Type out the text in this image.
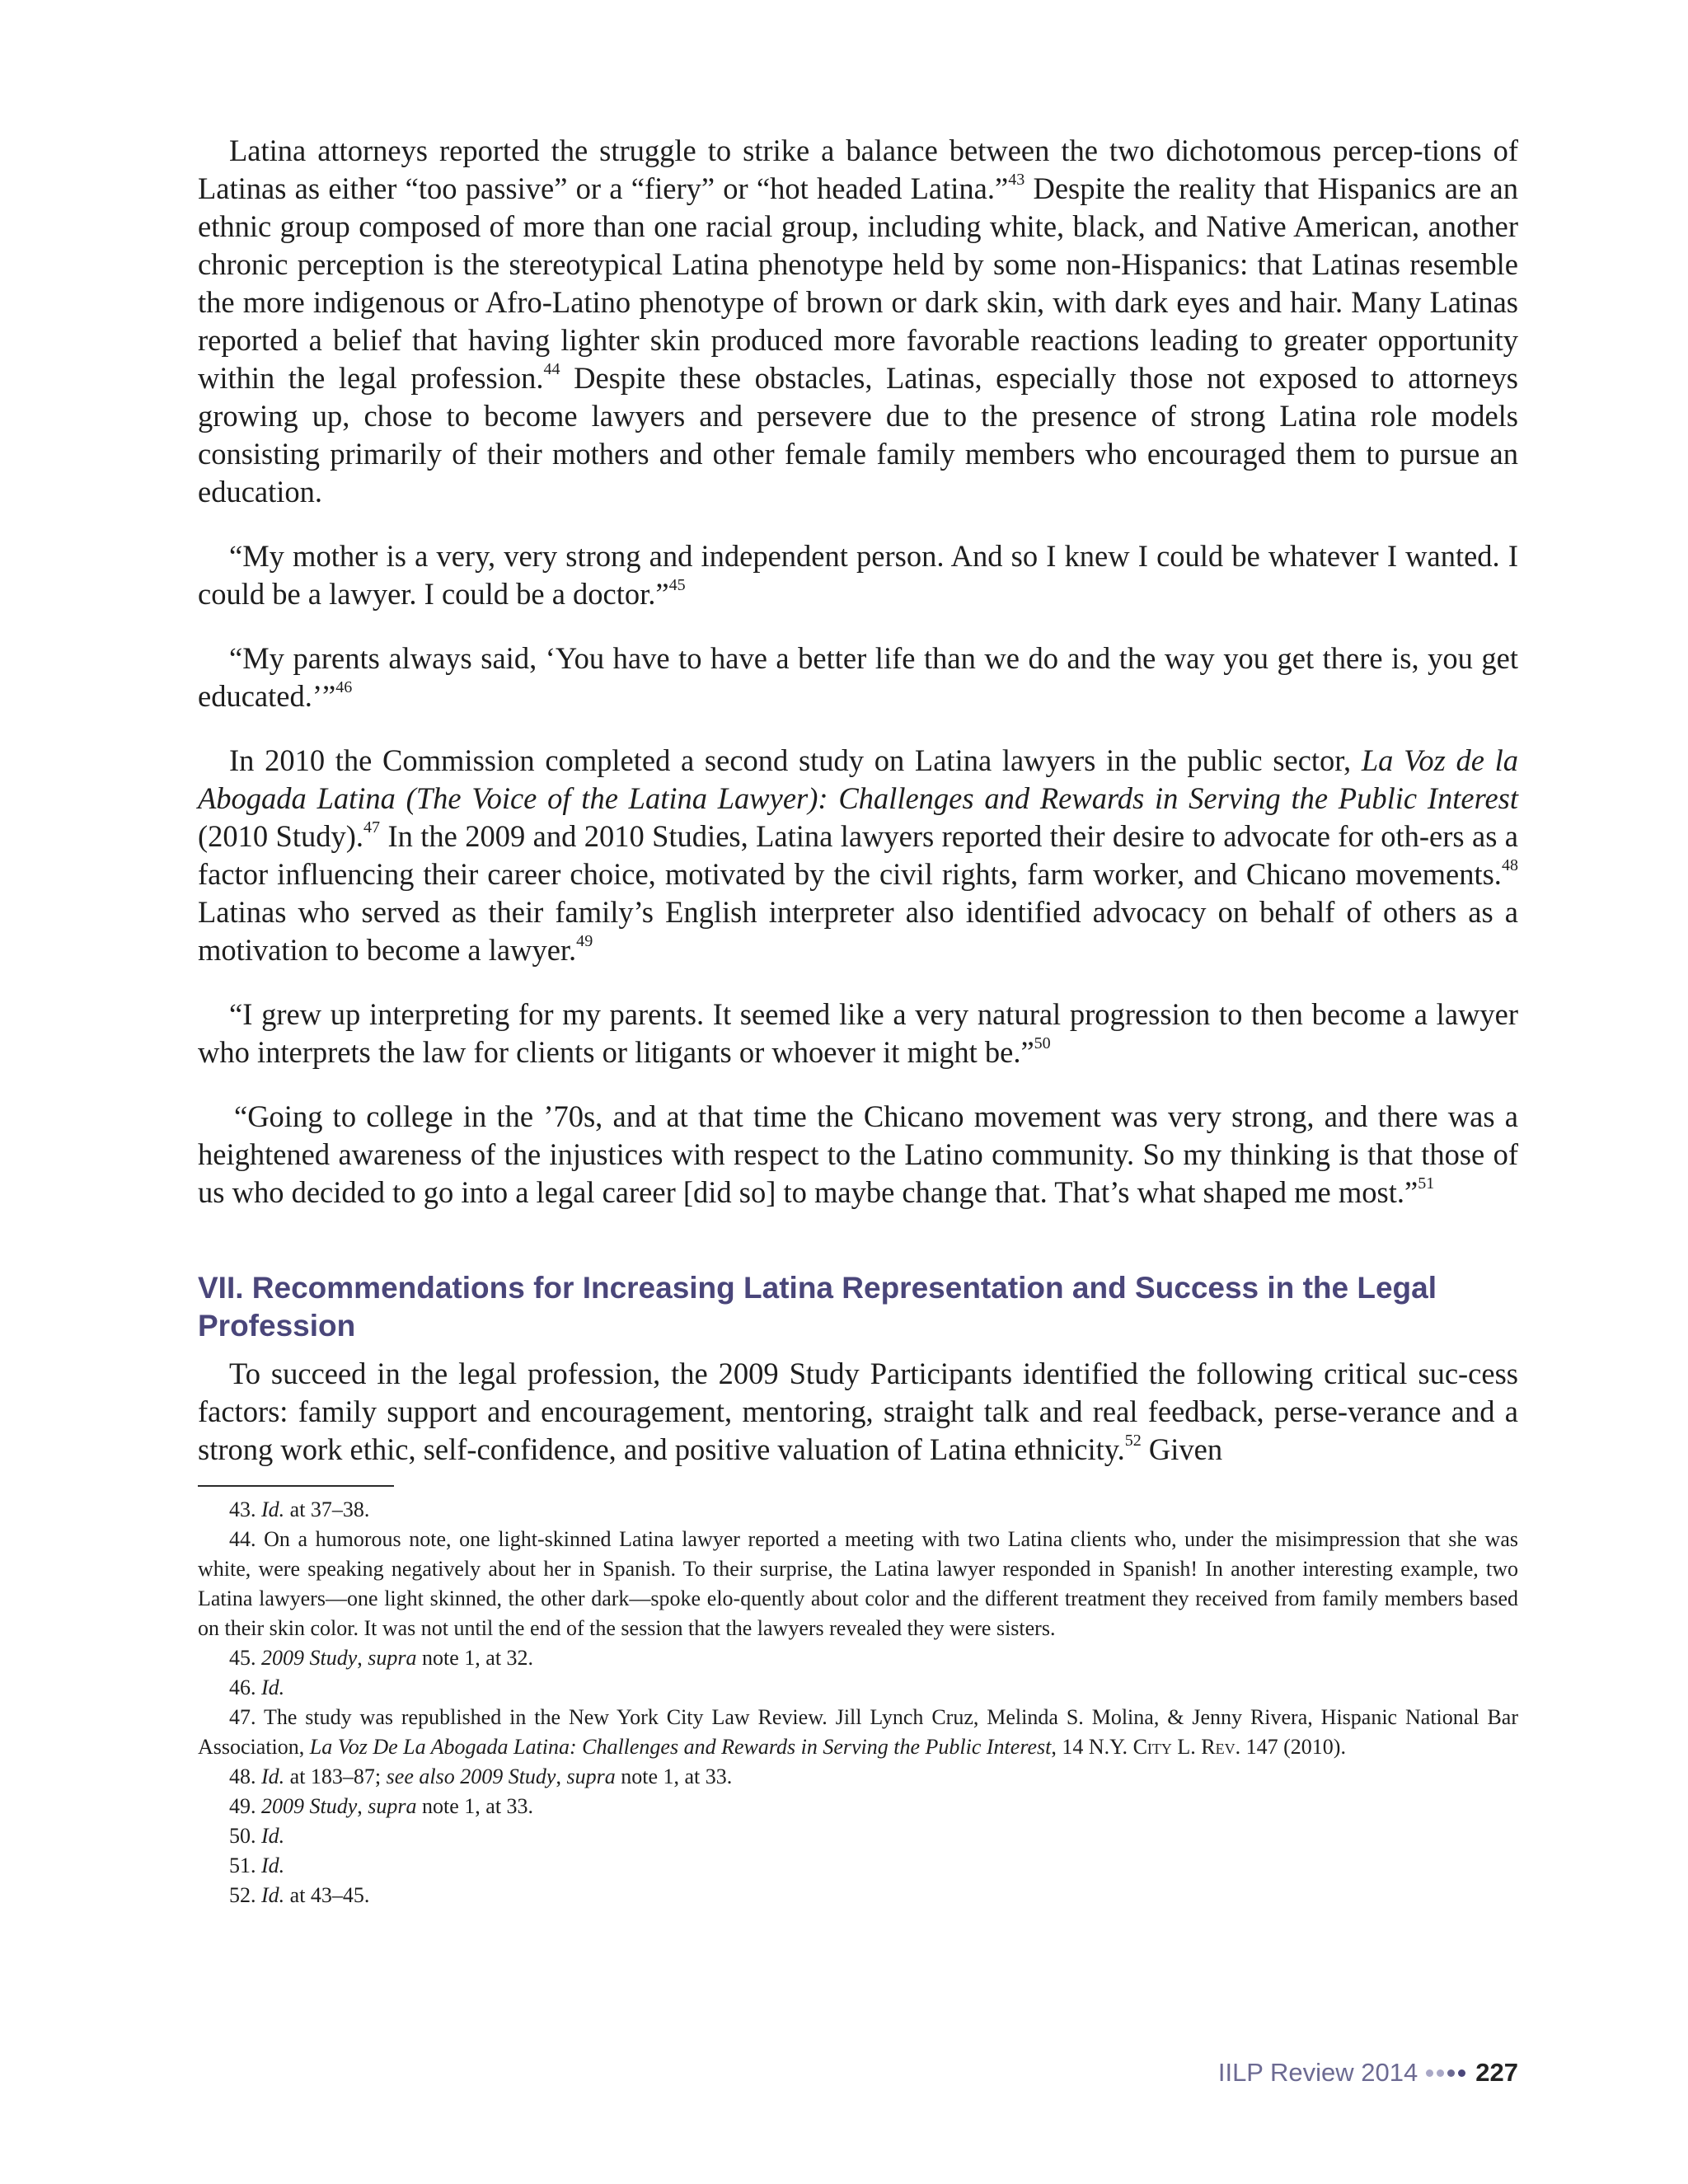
Latina attorneys reported the struggle to strike a balance between the two dichotomous percep-tions of Latinas as either “too passive” or a “fiery” or “hot headed Latina.”$^{43}$ Despite the reality that Hispanics are an ethnic group composed of more than one racial group, including white, black, and Native American, another chronic perception is the stereotypical Latina phenotype held by some non-Hispanics: that Latinas resemble the more indigenous or Afro-Latino phenotype of brown or dark skin, with dark eyes and hair. Many Latinas reported a belief that having lighter skin produced more favorable reactions leading to greater opportunity within the legal profession.$^{44}$ Despite these obstacles, Latinas, especially those not exposed to attorneys growing up, chose to become lawyers and persevere due to the presence of strong Latina role models consisting primarily of their mothers and other female family members who encouraged them to pursue an education.

“My mother is a very, very strong and independent person. And so I knew I could be whatever I wanted. I could be a lawyer. I could be a doctor.”$^{45}$

“My parents always said, ‘You have to have a better life than we do and the way you get there is, you get educated.’”$^{46}$

In 2010 the Commission completed a second study on Latina lawyers in the public sector, La Voz de la Abogada Latina (The Voice of the Latina Lawyer): Challenges and Rewards in Serving the Public Interest (2010 Study).$^{47}$ In the 2009 and 2010 Studies, Latina lawyers reported their desire to advocate for oth-ers as a factor influencing their career choice, motivated by the civil rights, farm worker, and Chicano movements.$^{48}$ Latinas who served as their family’s English interpreter also identified advocacy on behalf of others as a motivation to become a lawyer.$^{49}$

“I grew up interpreting for my parents. It seemed like a very natural progression to then become a lawyer who interprets the law for clients or litigants or whoever it might be.”$^{50}$

“Going to college in the ’70s, and at that time the Chicano movement was very strong, and there was a heightened awareness of the injustices with respect to the Latino community. So my thinking is that those of us who decided to go into a legal career [did so] to maybe change that. That’s what shaped me most.”$^{51}$

VII. Recommendations for Increasing Latina Representation and Success in the Legal Profession

To succeed in the legal profession, the 2009 Study Participants identified the following critical suc-cess factors: family support and encouragement, mentoring, straight talk and real feedback, perse-verance and a strong work ethic, self-confidence, and positive valuation of Latina ethnicity.$^{52}$ Given

43. Id. at 37–38.

44. On a humorous note, one light-skinned Latina lawyer reported a meeting with two Latina clients who, under the misimpression that she was white, were speaking negatively about her in Spanish. To their surprise, the Latina lawyer responded in Spanish! In another interesting example, two Latina lawyers—one light skinned, the other dark—spoke elo-quently about color and the different treatment they received from family members based on their skin color. It was not until the end of the session that the lawyers revealed they were sisters.

45. 2009 Study, supra note 1, at 32.

46. Id.

47. The study was republished in the New York City Law Review. Jill Lynch Cruz, Melinda S. Molina, & Jenny Rivera, Hispanic National Bar Association, La Voz De La Abogada Latina: Challenges and Rewards in Serving the Public Interest, 14 N.Y. City L. Rev. 147 (2010).

48. Id. at 183–87; see also 2009 Study, supra note 1, at 33.

49. 2009 Study, supra note 1, at 33.

50. Id.

51. Id.

52. Id. at 43–45.

IILP Review 2014 227
